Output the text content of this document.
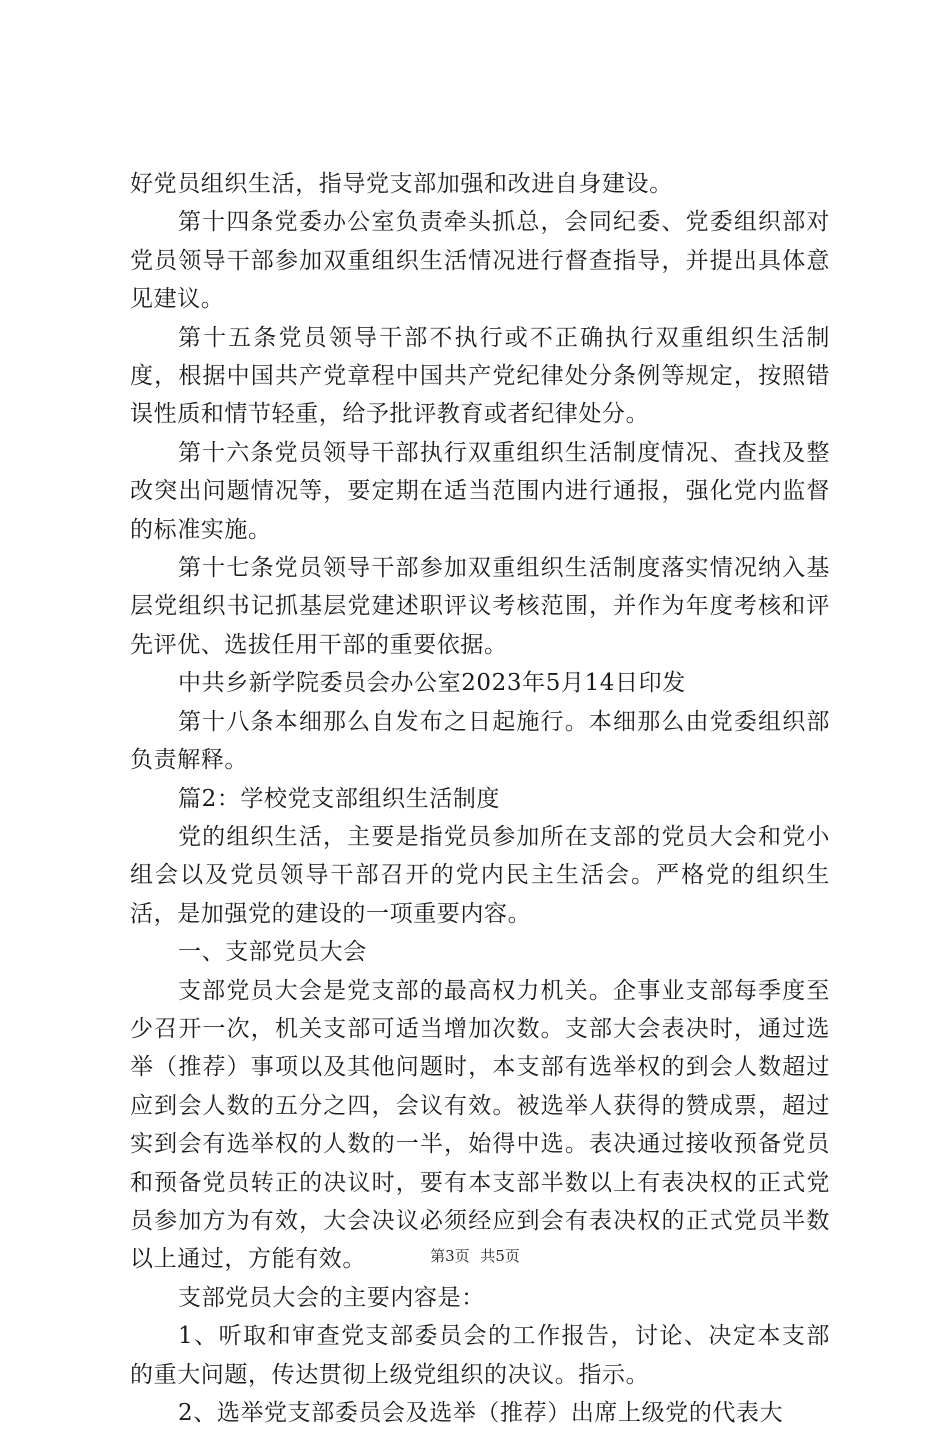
好党员组织生活，指导党支部加强和改进自身建设。

第十四条党委办公室负责牵头抓总，会同纪委、党委组织部对党员领导干部参加双重组织生活情况进行督查指导，并提出具体意见建议。

第十五条党员领导干部不执行或不正确执行双重组织生活制度，根据中国共产党章程中国共产党纪律处分条例等规定，按照错误性质和情节轻重，给予批评教育或者纪律处分。

第十六条党员领导干部执行双重组织生活制度情况、查找及整改突出问题情况等，要定期在适当范围内进行通报，强化党内监督的标准实施。

第十七条党员领导干部参加双重组织生活制度落实情况纳入基层党组织书记抓基层党建述职评议考核范围，并作为年度考核和评先评优、选拔任用干部的重要依据。

中共乡新学院委员会办公室2023年5月14日印发

第十八条本细那么自发布之日起施行。本细那么由党委组织部负责解释。

篇2：学校党支部组织生活制度

党的组织生活，主要是指党员参加所在支部的党员大会和党小组会以及党员领导干部召开的党内民主生活会。严格党的组织生活，是加强党的建设的一项重要内容。

一、支部党员大会

支部党员大会是党支部的最高权力机关。企事业支部每季度至少召开一次，机关支部可适当增加次数。支部大会表决时，通过选举（推荐）事项以及其他问题时，本支部有选举权的到会人数超过应到会人数的五分之四，会议有效。被选举人获得的赞成票，超过实到会有选举权的人数的一半，始得中选。表决通过接收预备党员和预备党员转正的决议时，要有本支部半数以上有表决权的正式党员参加方为有效，大会决议必须经应到会有表决权的正式党员半数以上通过，方能有效。

支部党员大会的主要内容是：

1、听取和审查党支部委员会的工作报告，讨论、决定本支部的重大问题，传达贯彻上级党组织的决议。指示。

2、选举党支部委员会及选举（推荐）出席上级党的代表大

第3页 共5页
